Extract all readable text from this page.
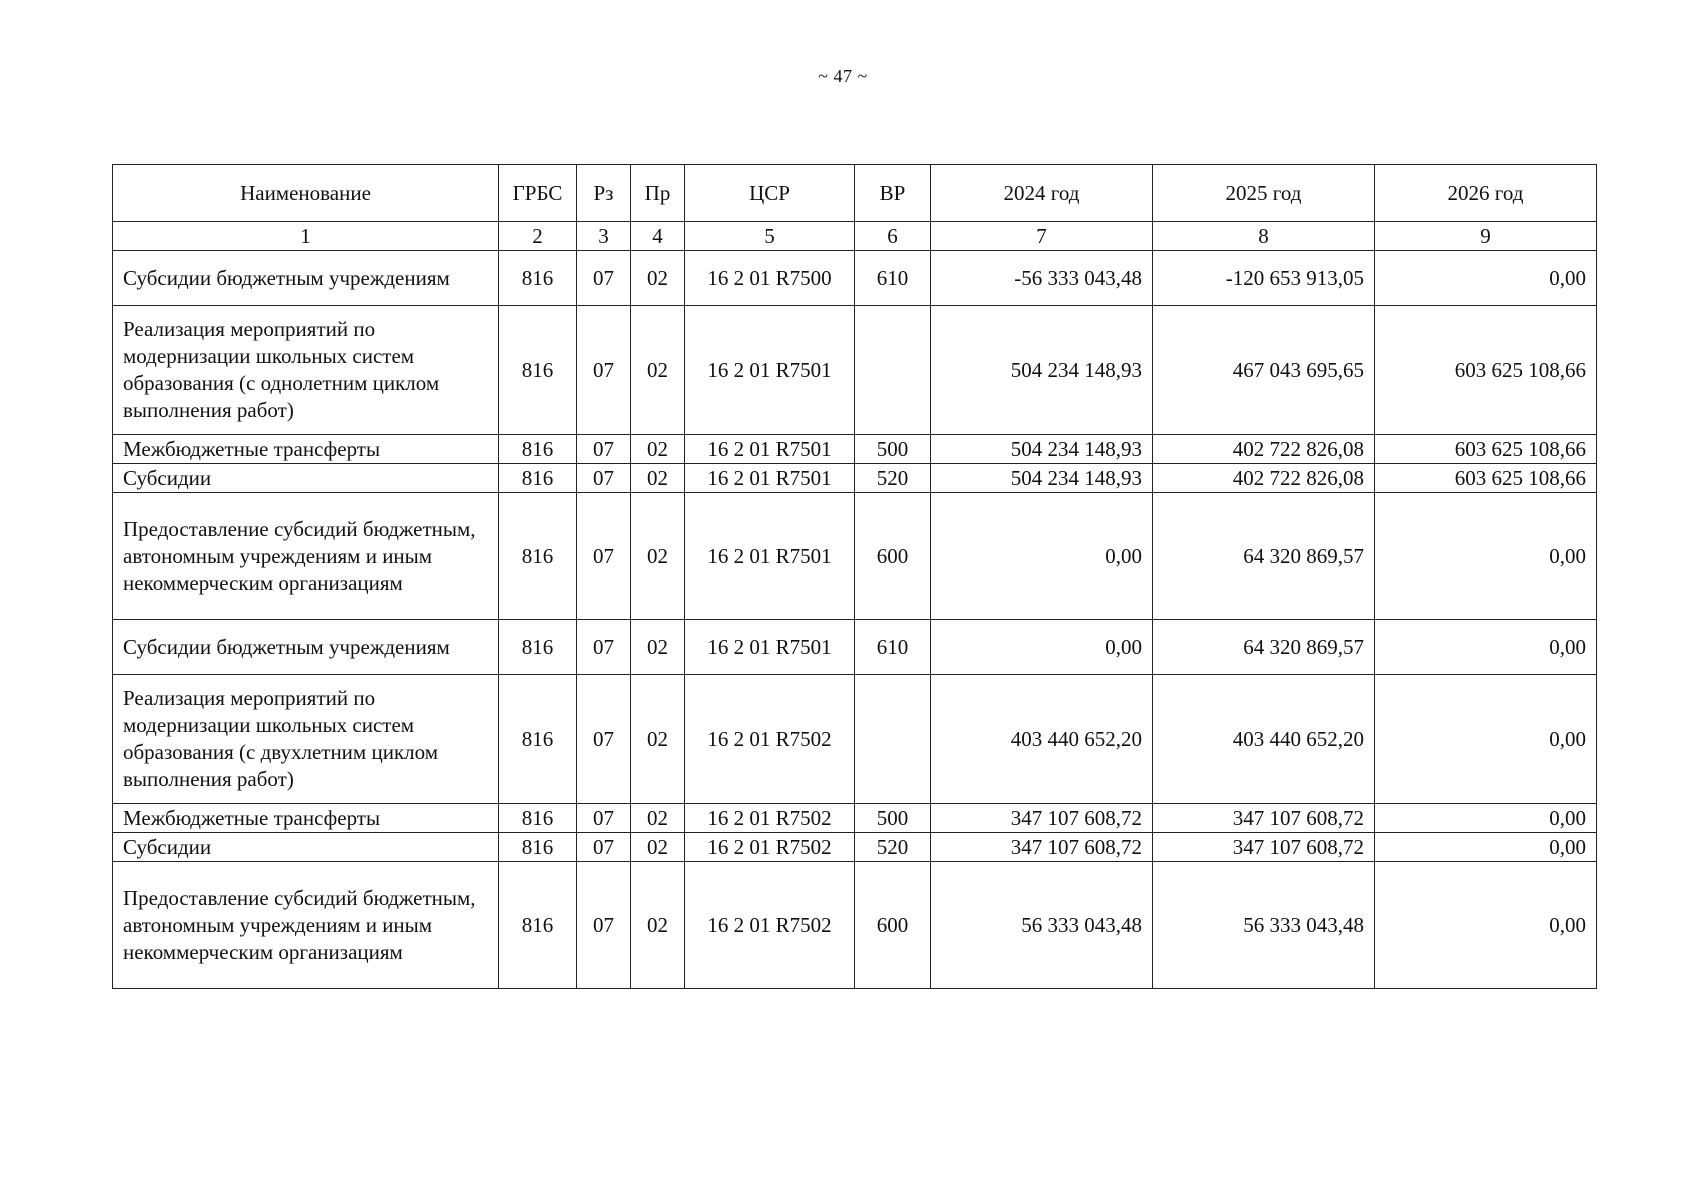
~ 47 ~
Наименование	ГРБС	Рз	Пр	ЦСР	ВР	2024 год	2025 год	2026 год
1	2	3	4	5	6	7	8	9
Субсидии бюджетным учреждениям	816	07	02	16 2 01 R7500	610	-56 333 043,48	-120 653 913,05	0,00
Реализация мероприятий по модернизации школьных систем образования (с однолетним циклом выполнения работ)	816	07	02	16 2 01 R7501		504 234 148,93	467 043 695,65	603 625 108,66
Межбюджетные трансферты	816	07	02	16 2 01 R7501	500	504 234 148,93	402 722 826,08	603 625 108,66
Субсидии	816	07	02	16 2 01 R7501	520	504 234 148,93	402 722 826,08	603 625 108,66
Предоставление субсидий бюджетным, автономным учреждениям и иным некоммерческим организациям	816	07	02	16 2 01 R7501	600	0,00	64 320 869,57	0,00
Субсидии бюджетным учреждениям	816	07	02	16 2 01 R7501	610	0,00	64 320 869,57	0,00
Реализация мероприятий по модернизации школьных систем образования (с двухлетним циклом выполнения работ)	816	07	02	16 2 01 R7502		403 440 652,20	403 440 652,20	0,00
Межбюджетные трансферты	816	07	02	16 2 01 R7502	500	347 107 608,72	347 107 608,72	0,00
Субсидии	816	07	02	16 2 01 R7502	520	347 107 608,72	347 107 608,72	0,00
Предоставление субсидий бюджетным, автономным учреждениям и иным некоммерческим организациям	816	07	02	16 2 01 R7502	600	56 333 043,48	56 333 043,48	0,00
